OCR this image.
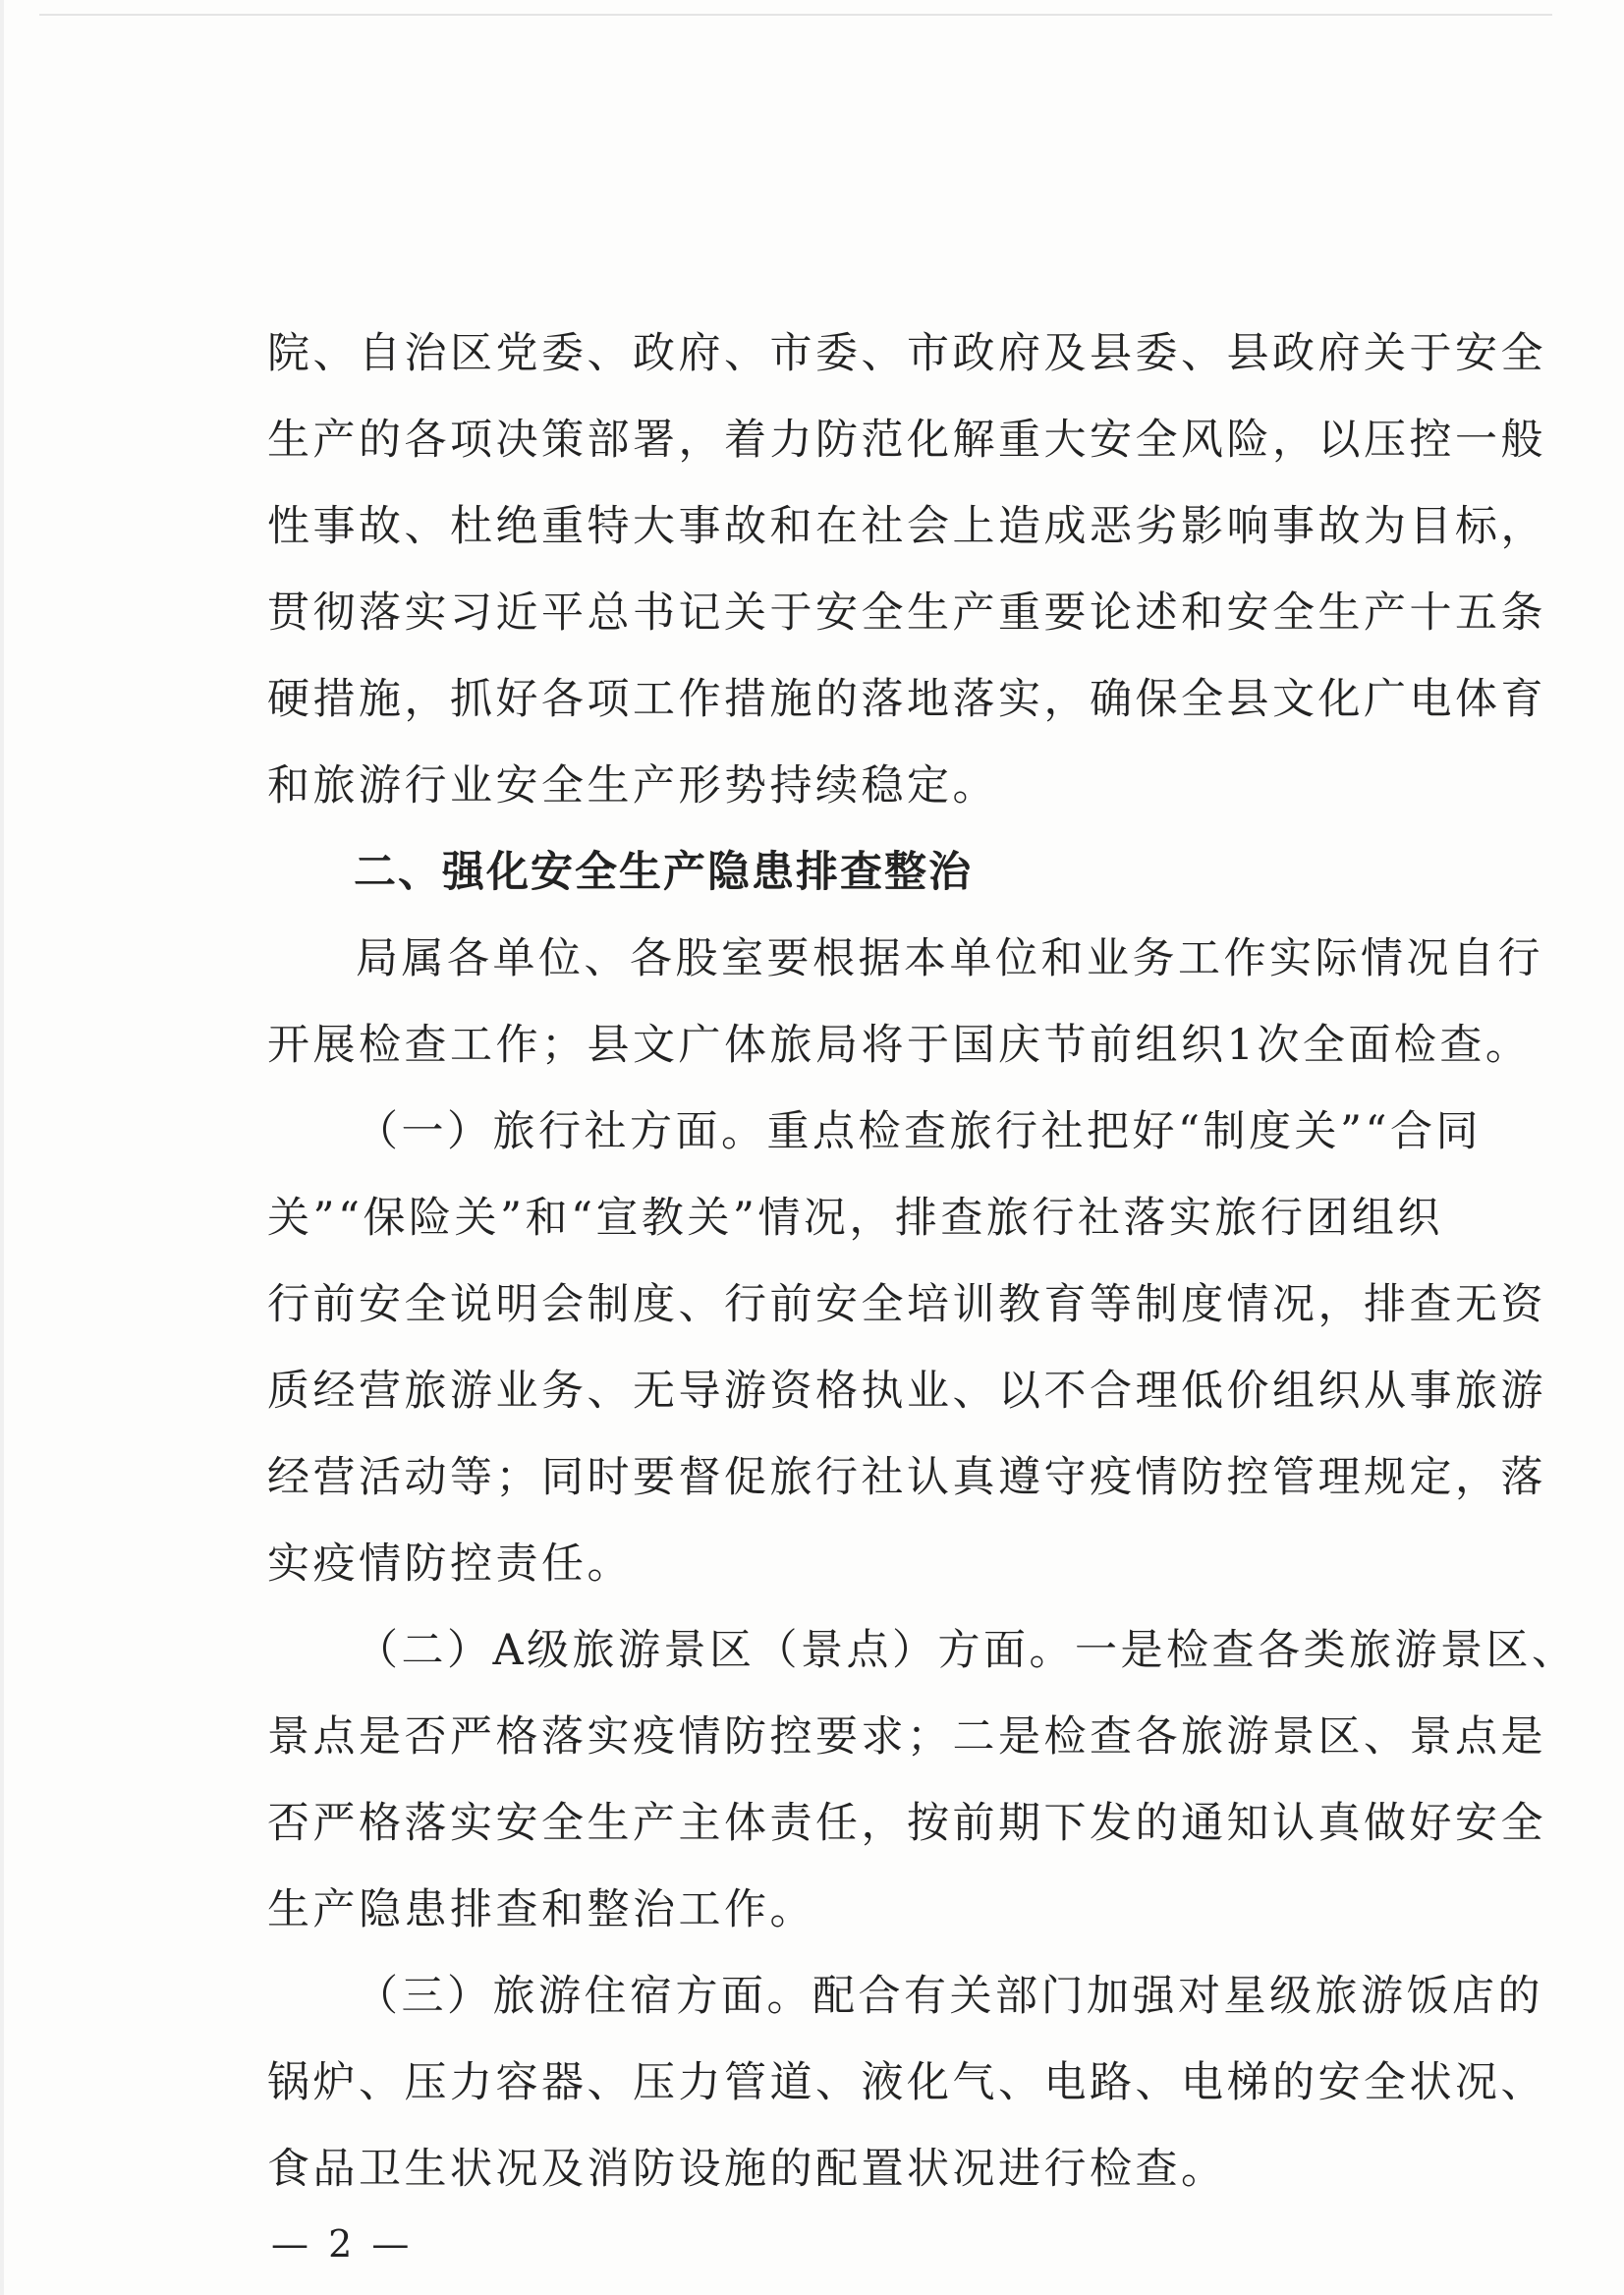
院、自治区党委、政府、市委、市政府及县委、县政府关于安全
生产的各项决策部署，着力防范化解重大安全风险，以压控一般
性事故、杜绝重特大事故和在社会上造成恶劣影响事故为目标，
贯彻落实习近平总书记关于安全生产重要论述和安全生产十五条
硬措施，抓好各项工作措施的落地落实，确保全县文化广电体育
和旅游行业安全生产形势持续稳定。
二、强化安全生产隐患排查整治
局属各单位、各股室要根据本单位和业务工作实际情况自行
开展检查工作；县文广体旅局将于国庆节前组织1次全面检查。
（一）旅行社方面。重点检查旅行社把好“制度关”“合同
关”“保险关”和“宣教关”情况，排查旅行社落实旅行团组织
行前安全说明会制度、行前安全培训教育等制度情况，排查无资
质经营旅游业务、无导游资格执业、以不合理低价组织从事旅游
经营活动等；同时要督促旅行社认真遵守疫情防控管理规定，落
实疫情防控责任。
（二）A级旅游景区（景点）方面。一是检查各类旅游景区、
景点是否严格落实疫情防控要求；二是检查各旅游景区、景点是
否严格落实安全生产主体责任，按前期下发的通知认真做好安全
生产隐患排查和整治工作。
（三）旅游住宿方面。配合有关部门加强对星级旅游饭店的
锅炉、压力容器、压力管道、液化气、电路、电梯的安全状况、
食品卫生状况及消防设施的配置状况进行检查。
— 2 —
